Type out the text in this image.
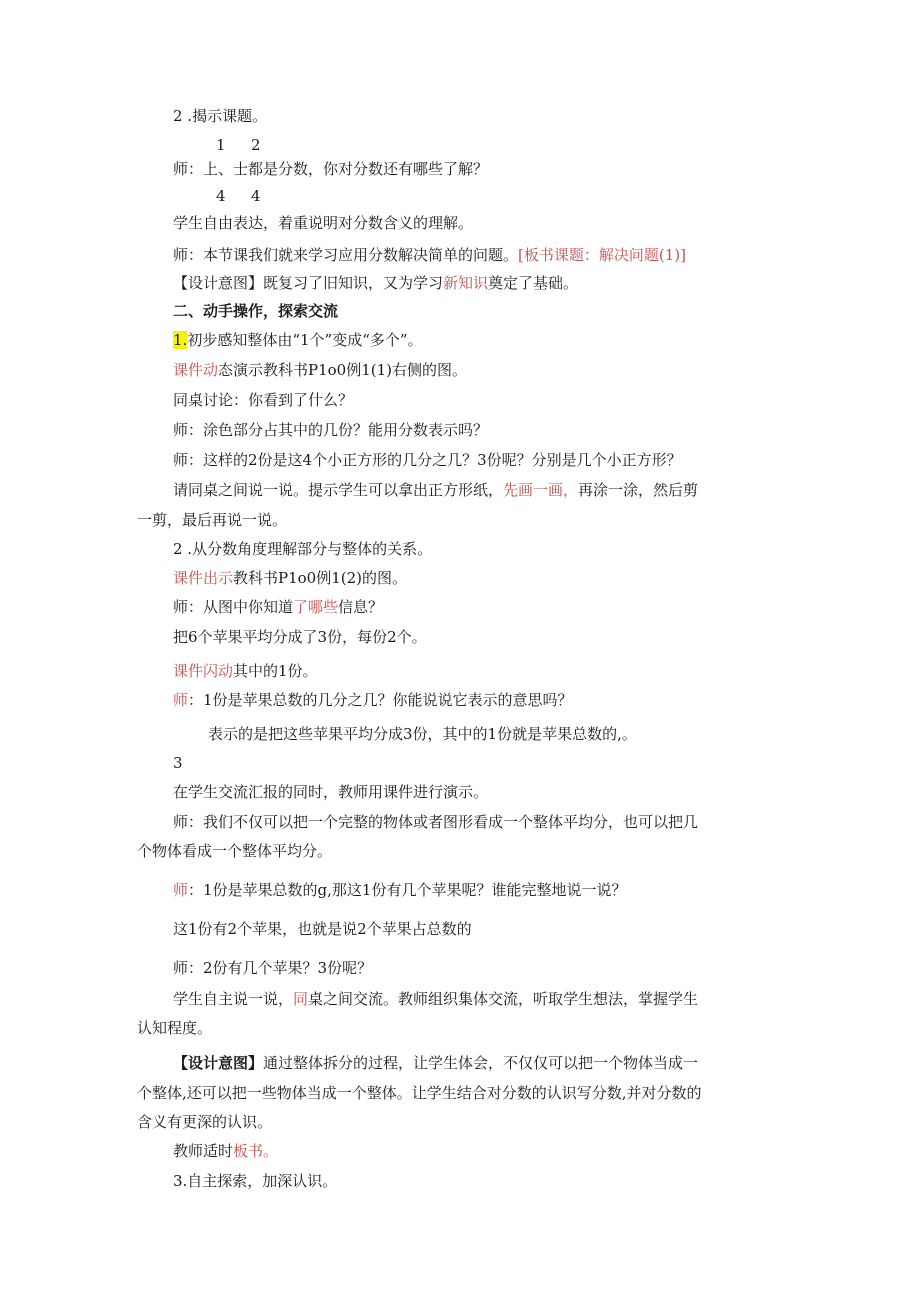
2 .揭示课题。
1 2
师：上、士都是分数，你对分数还有哪些了解？
4 4
学生自由表达，着重说明对分数含义的理解。
师：本节课我们就来学习应用分数解决简单的问题。[板书课题：解决问题(1)]
【设计意图】既复习了旧知识，又为学习新知识奠定了基础。
二、动手操作，探索交流
1.初步感知整体由“1个”变成“多个”。
课件动态演示教科书P1o0例1(1)右侧的图。
同桌讨论：你看到了什么？
师：涂色部分占其中的几份？能用分数表示吗？
师：这样的2份是这4个小正方形的几分之几？3份呢？分别是几个小正方形？
请同桌之间说一说。提示学生可以拿出正方形纸，先画一画，再涂一涂，然后剪
一剪，最后再说一说。
2 .从分数角度理解部分与整体的关系。
课件出示教科书P1o0例1(2)的图。
师：从图中你知道了哪些信息？
把6个苹果平均分成了3份，每份2个。
课件闪动其中的1份。
师：1份是苹果总数的几分之几？你能说说它表示的意思吗？
表示的是把这些苹果平均分成3份，其中的1份就是苹果总数的,。
3
在学生交流汇报的同时，教师用课件进行演示。
师：我们不仅可以把一个完整的物体或者图形看成一个整体平均分，也可以把几
个物体看成一个整体平均分。
师：1份是苹果总数的g,那这1份有几个苹果呢？谁能完整地说一说？
这1份有2个苹果，也就是说2个苹果占总数的
师：2份有几个苹果？3份呢？
学生自主说一说，同桌之间交流。教师组织集体交流，听取学生想法，掌握学生
认知程度。
【设计意图】通过整体拆分的过程，让学生体会，不仅仅可以把一个物体当成一
个整体,还可以把一些物体当成一个整体。让学生结合对分数的认识写分数,并对分数的
含义有更深的认识。
教师适时板书。
3.自主探索，加深认识。
